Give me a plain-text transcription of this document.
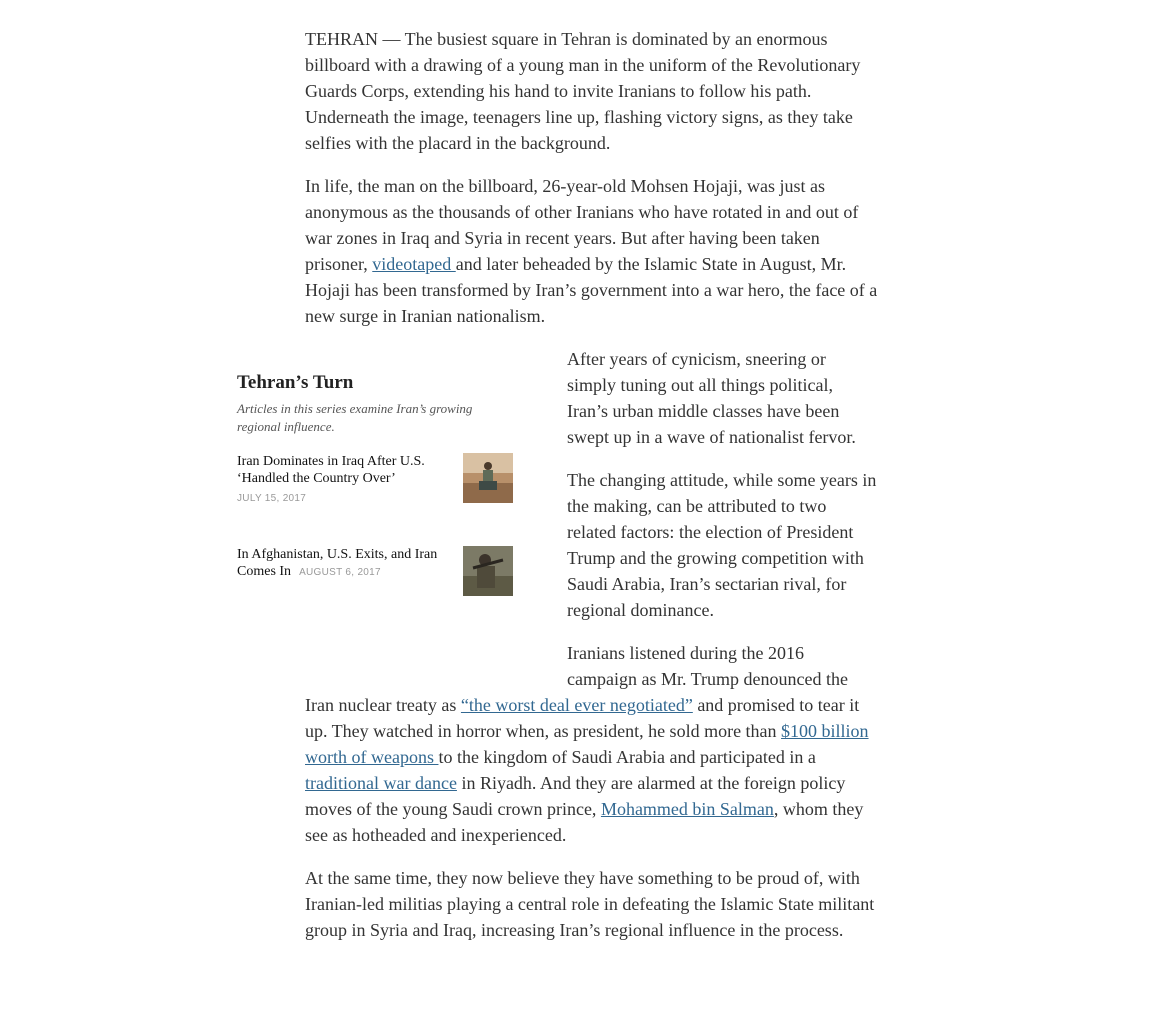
TEHRAN — The busiest square in Tehran is dominated by an enormous billboard with a drawing of a young man in the uniform of the Revolutionary Guards Corps, extending his hand to invite Iranians to follow his path. Underneath the image, teenagers line up, flashing victory signs, as they take selfies with the placard in the background.

In life, the man on the billboard, 26-year-old Mohsen Hojaji, was just as anonymous as the thousands of other Iranians who have rotated in and out of war zones in Iraq and Syria in recent years. But after having been taken prisoner, videotaped and later beheaded by the Islamic State in August, Mr. Hojaji has been transformed by Iran’s government into a war hero, the face of a new surge in Iranian nationalism.

Tehran’s Turn

Articles in this series examine Iran’s growing regional influence.

Iran Dominates in Iraq After U.S. ‘Handled the Country Over’
JULY 15, 2017
In Afghanistan, U.S. Exits, and Iran Comes In AUGUST 6, 2017

After years of cynicism, sneering or simply tuning out all things political, Iran’s urban middle classes have been swept up in a wave of nationalist fervor.

The changing attitude, while some years in the making, can be attributed to two related factors: the election of President Trump and the growing competition with Saudi Arabia, Iran’s sectarian rival, for regional dominance.

Iranians listened during the 2016 campaign as Mr. Trump denounced the

Iran nuclear treaty as “the worst deal ever negotiated” and promised to tear it up. They watched in horror when, as president, he sold more than $100 billion worth of weapons to the kingdom of Saudi Arabia and participated in a traditional war dance in Riyadh. And they are alarmed at the foreign policy moves of the young Saudi crown prince, Mohammed bin Salman, whom they see as hotheaded and inexperienced.

At the same time, they now believe they have something to be proud of, with Iranian-led militias playing a central role in defeating the Islamic State militant group in Syria and Iraq, increasing Iran’s regional influence in the process.
